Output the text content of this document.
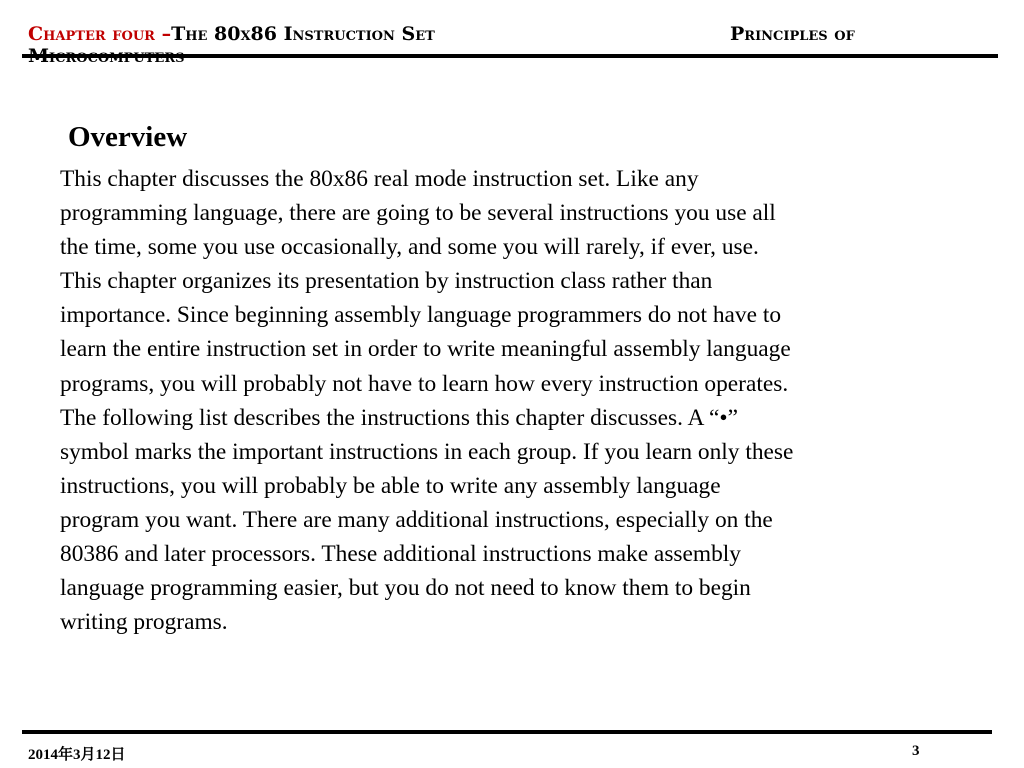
Chapter four –The 80x86 Instruction Set	Principles of
Overview
This chapter discusses the 80x86 real mode instruction set. Like any
programming language, there are going to be several instructions you use all
the time, some you use occasionally, and some you will rarely, if ever, use.
This chapter organizes its presentation by instruction class rather than
importance. Since beginning assembly language programmers do not have to
learn the entire instruction set in order to write meaningful assembly language
programs, you will probably not have to learn how every instruction operates.
The following list describes the instructions this chapter discusses. A “•”
symbol marks the important instructions in each group. If you learn only these
instructions, you will probably be able to write any assembly language
program you want. There are many additional instructions, especially on the
80386 and later processors. These additional instructions make assembly
language programming easier, but you do not need to know them to begin
writing programs.
2014年3月12日	3
